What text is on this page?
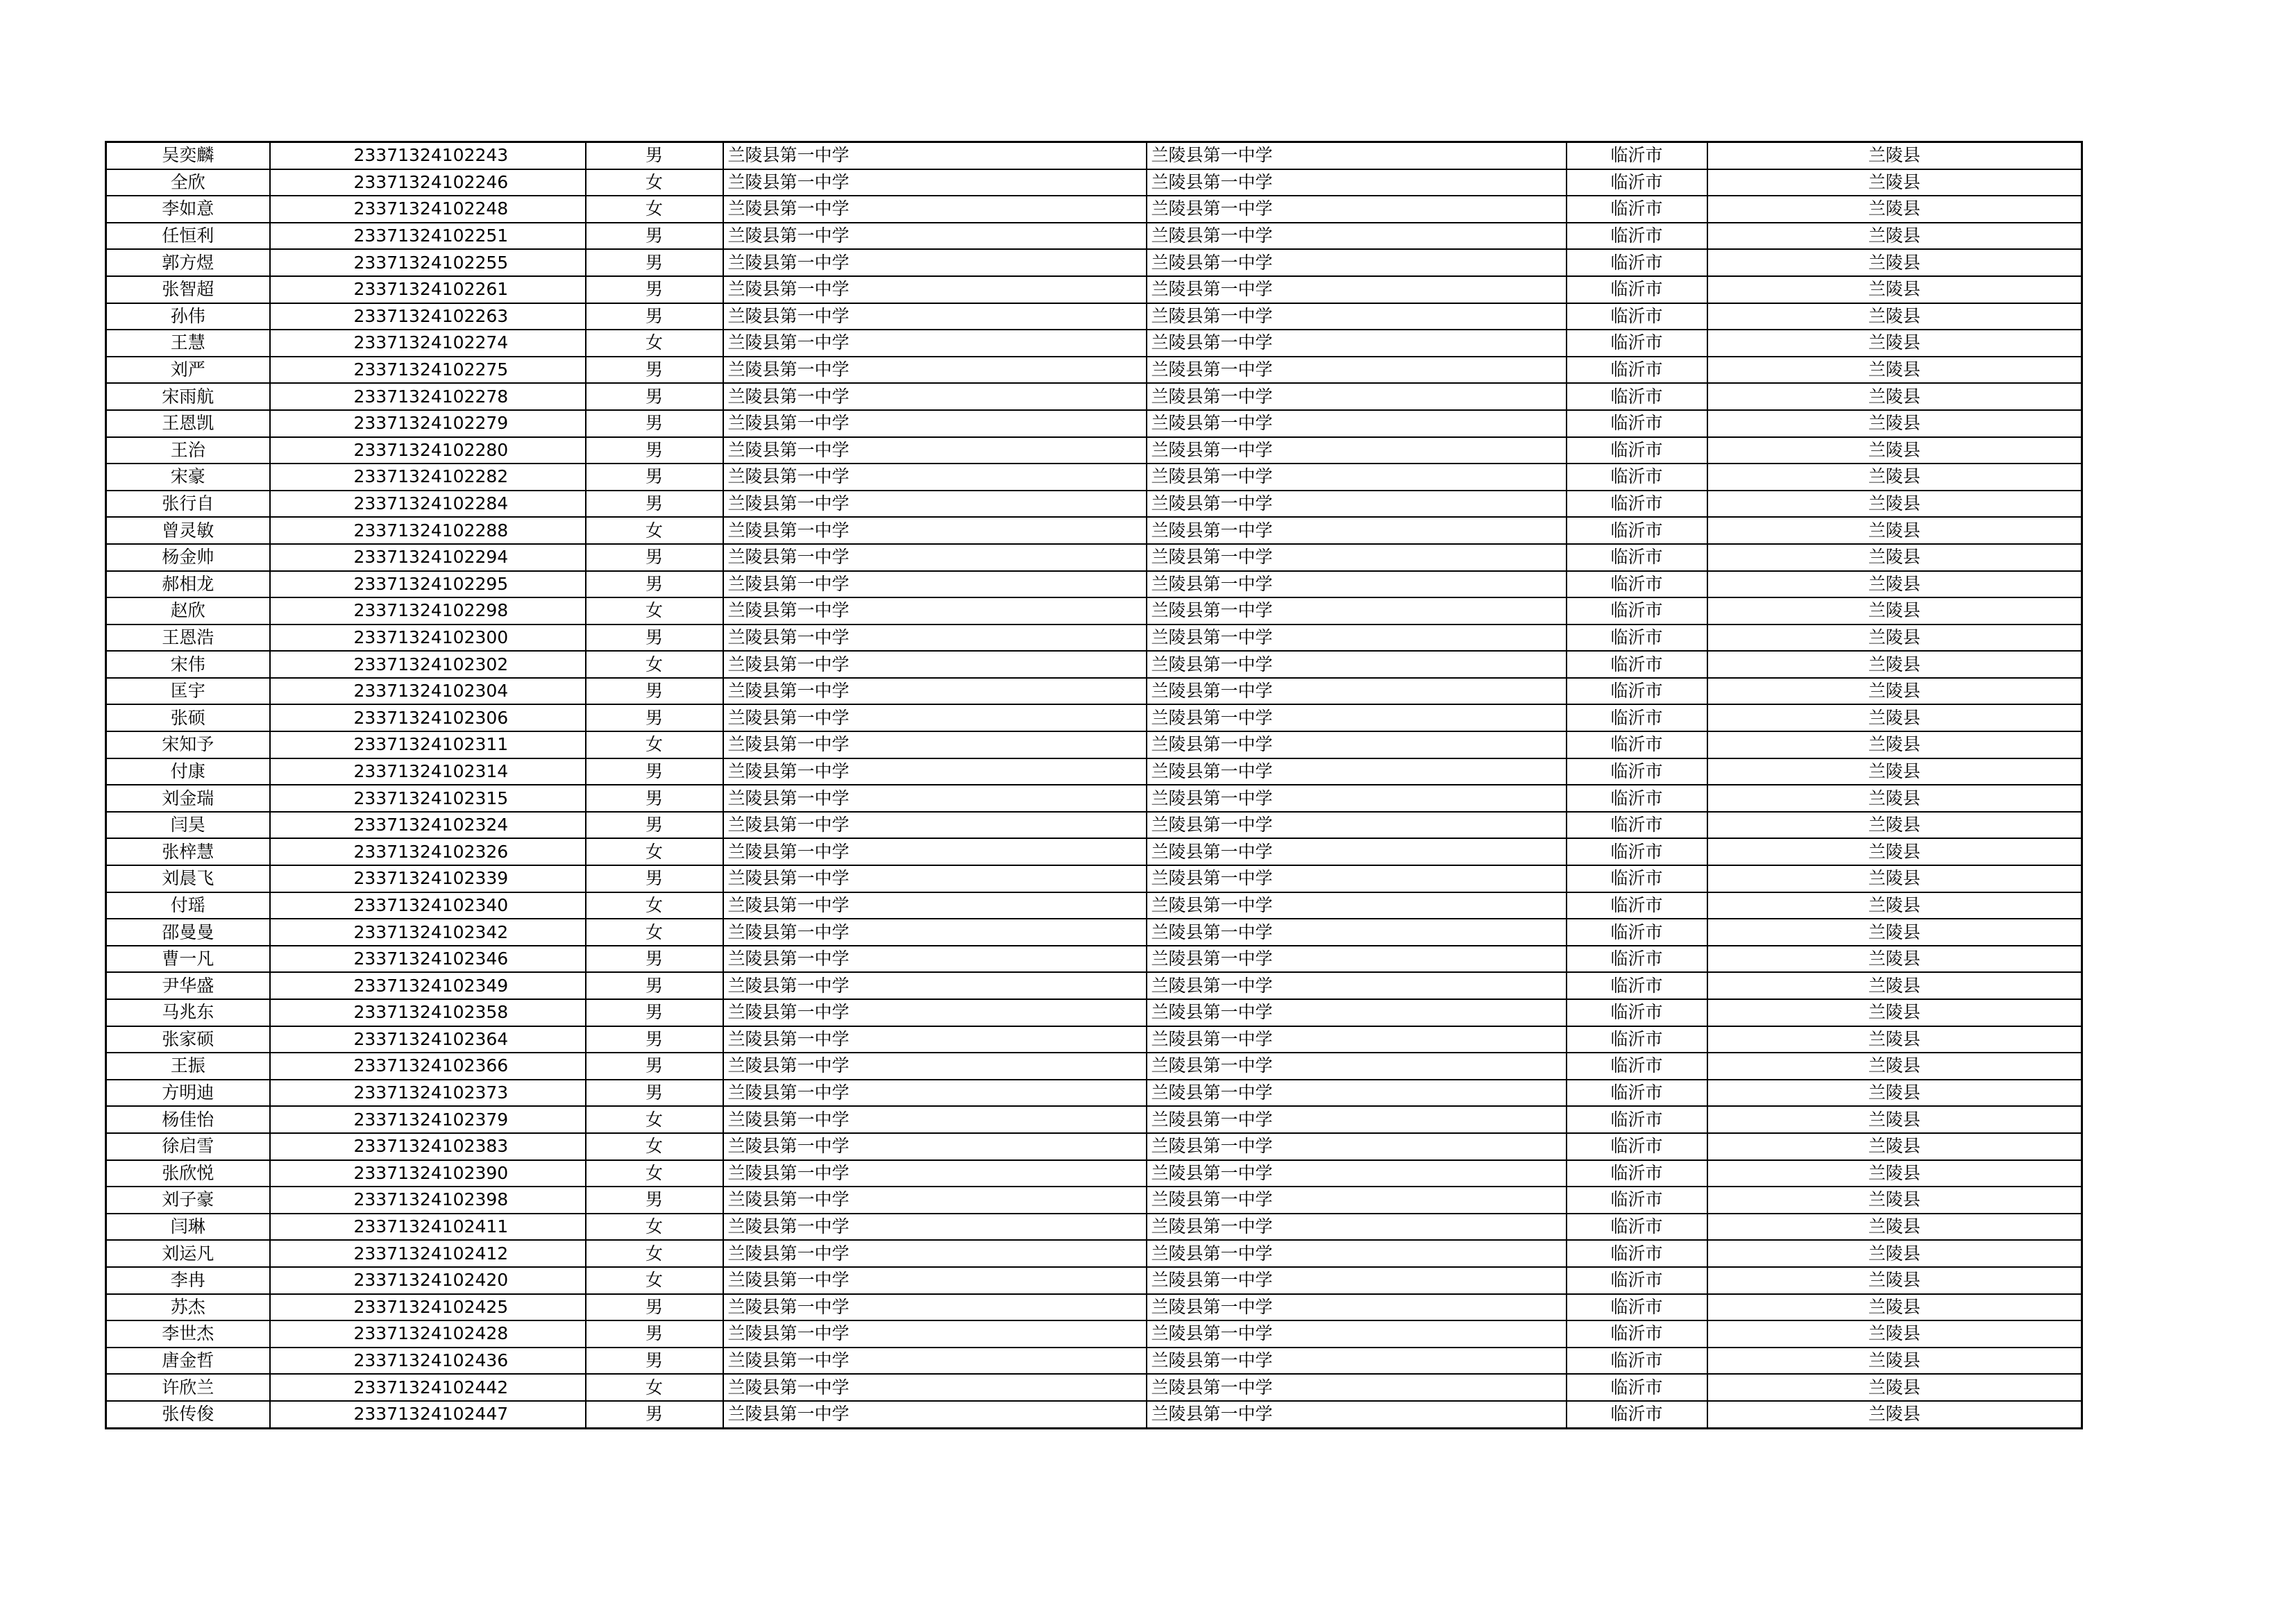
吴奕麟	23371324102243	男	兰陵县第一中学	兰陵县第一中学	临沂市	兰陵县
全欣	23371324102246	女	兰陵县第一中学	兰陵县第一中学	临沂市	兰陵县
李如意	23371324102248	女	兰陵县第一中学	兰陵县第一中学	临沂市	兰陵县
任恒利	23371324102251	男	兰陵县第一中学	兰陵县第一中学	临沂市	兰陵县
郭方煜	23371324102255	男	兰陵县第一中学	兰陵县第一中学	临沂市	兰陵县
张智超	23371324102261	男	兰陵县第一中学	兰陵县第一中学	临沂市	兰陵县
孙伟	23371324102263	男	兰陵县第一中学	兰陵县第一中学	临沂市	兰陵县
王慧	23371324102274	女	兰陵县第一中学	兰陵县第一中学	临沂市	兰陵县
刘严	23371324102275	男	兰陵县第一中学	兰陵县第一中学	临沂市	兰陵县
宋雨航	23371324102278	男	兰陵县第一中学	兰陵县第一中学	临沂市	兰陵县
王恩凯	23371324102279	男	兰陵县第一中学	兰陵县第一中学	临沂市	兰陵县
王治	23371324102280	男	兰陵县第一中学	兰陵县第一中学	临沂市	兰陵县
宋豪	23371324102282	男	兰陵县第一中学	兰陵县第一中学	临沂市	兰陵县
张行自	23371324102284	男	兰陵县第一中学	兰陵县第一中学	临沂市	兰陵县
曾灵敏	23371324102288	女	兰陵县第一中学	兰陵县第一中学	临沂市	兰陵县
杨金帅	23371324102294	男	兰陵县第一中学	兰陵县第一中学	临沂市	兰陵县
郝相龙	23371324102295	男	兰陵县第一中学	兰陵县第一中学	临沂市	兰陵县
赵欣	23371324102298	女	兰陵县第一中学	兰陵县第一中学	临沂市	兰陵县
王恩浩	23371324102300	男	兰陵县第一中学	兰陵县第一中学	临沂市	兰陵县
宋伟	23371324102302	女	兰陵县第一中学	兰陵县第一中学	临沂市	兰陵县
匡宇	23371324102304	男	兰陵县第一中学	兰陵县第一中学	临沂市	兰陵县
张硕	23371324102306	男	兰陵县第一中学	兰陵县第一中学	临沂市	兰陵县
宋知予	23371324102311	女	兰陵县第一中学	兰陵县第一中学	临沂市	兰陵县
付康	23371324102314	男	兰陵县第一中学	兰陵县第一中学	临沂市	兰陵县
刘金瑞	23371324102315	男	兰陵县第一中学	兰陵县第一中学	临沂市	兰陵县
闫昊	23371324102324	男	兰陵县第一中学	兰陵县第一中学	临沂市	兰陵县
张梓慧	23371324102326	女	兰陵县第一中学	兰陵县第一中学	临沂市	兰陵县
刘晨飞	23371324102339	男	兰陵县第一中学	兰陵县第一中学	临沂市	兰陵县
付瑶	23371324102340	女	兰陵县第一中学	兰陵县第一中学	临沂市	兰陵县
邵曼曼	23371324102342	女	兰陵县第一中学	兰陵县第一中学	临沂市	兰陵县
曹一凡	23371324102346	男	兰陵县第一中学	兰陵县第一中学	临沂市	兰陵县
尹华盛	23371324102349	男	兰陵县第一中学	兰陵县第一中学	临沂市	兰陵县
马兆东	23371324102358	男	兰陵县第一中学	兰陵县第一中学	临沂市	兰陵县
张家硕	23371324102364	男	兰陵县第一中学	兰陵县第一中学	临沂市	兰陵县
王振	23371324102366	男	兰陵县第一中学	兰陵县第一中学	临沂市	兰陵县
方明迪	23371324102373	男	兰陵县第一中学	兰陵县第一中学	临沂市	兰陵县
杨佳怡	23371324102379	女	兰陵县第一中学	兰陵县第一中学	临沂市	兰陵县
徐启雪	23371324102383	女	兰陵县第一中学	兰陵县第一中学	临沂市	兰陵县
张欣悦	23371324102390	女	兰陵县第一中学	兰陵县第一中学	临沂市	兰陵县
刘子豪	23371324102398	男	兰陵县第一中学	兰陵县第一中学	临沂市	兰陵县
闫琳	23371324102411	女	兰陵县第一中学	兰陵县第一中学	临沂市	兰陵县
刘运凡	23371324102412	女	兰陵县第一中学	兰陵县第一中学	临沂市	兰陵县
李冉	23371324102420	女	兰陵县第一中学	兰陵县第一中学	临沂市	兰陵县
苏杰	23371324102425	男	兰陵县第一中学	兰陵县第一中学	临沂市	兰陵县
李世杰	23371324102428	男	兰陵县第一中学	兰陵县第一中学	临沂市	兰陵县
唐金哲	23371324102436	男	兰陵县第一中学	兰陵县第一中学	临沂市	兰陵县
许欣兰	23371324102442	女	兰陵县第一中学	兰陵县第一中学	临沂市	兰陵县
张传俊	23371324102447	男	兰陵县第一中学	兰陵县第一中学	临沂市	兰陵县
